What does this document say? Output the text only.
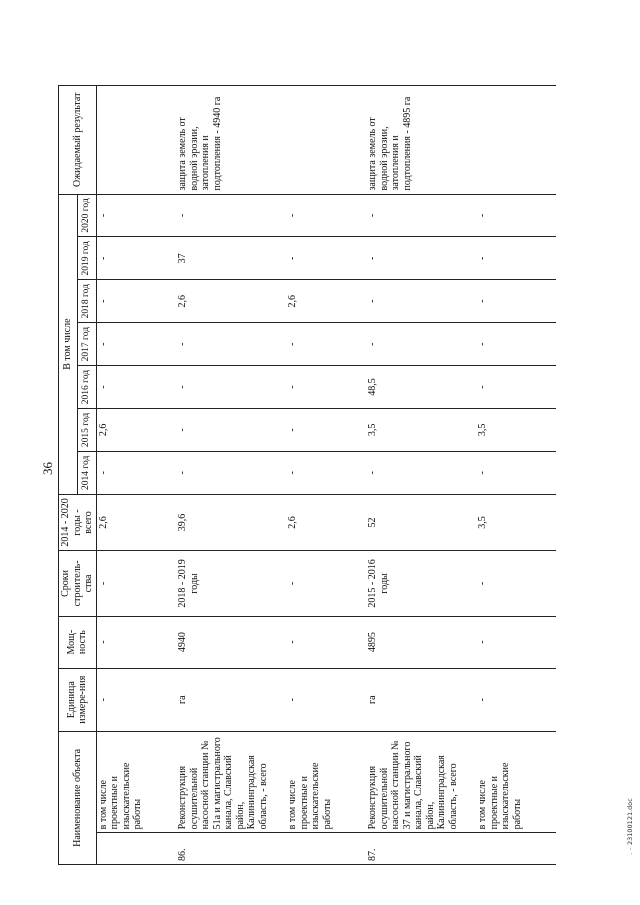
36
Наименование объекта		Единица измере-ния	Мощ-ность	Сроки строитель-ства	2014 - 2020 годы - всего	В том числе							Ожидаемый результат
						2014 год	2015 год	2016 год	2017 год	2018 год	2019 год	2020 год	
	в том числе проектные и изыскательские работы	-	-	-	2,6	-	2,6	-	-	-	-	-	
86.	Реконструкция осушительной насосной станции № 51а и магистрального канала, Славский район, Калининградская область, - всего	га	4940	2018 - 2019 годы	39,6	-	-	-	-	2,6	37	-	защита земель от водной эрозии, затопления и подтопления - 4940 га
	в том числе проектные и изыскательские работы	-	-	-	2,6	-	-	-	-	2,6	-	-	
87.	Реконструкция осушительной насосной станции № 37 и магистрального канала, Славский район, Калининградская область, - всего	га	4895	2015 - 2016 годы	52	-	3,5	48,5	-	-	-	-	защита земель от водной эрозии, затопления и подтопления - 4895 га
	в том числе проектные и изыскательские работы	-	-	-	3,5	-	3,5	-	-	-	-	-	
· ⁻
23100121.doc
